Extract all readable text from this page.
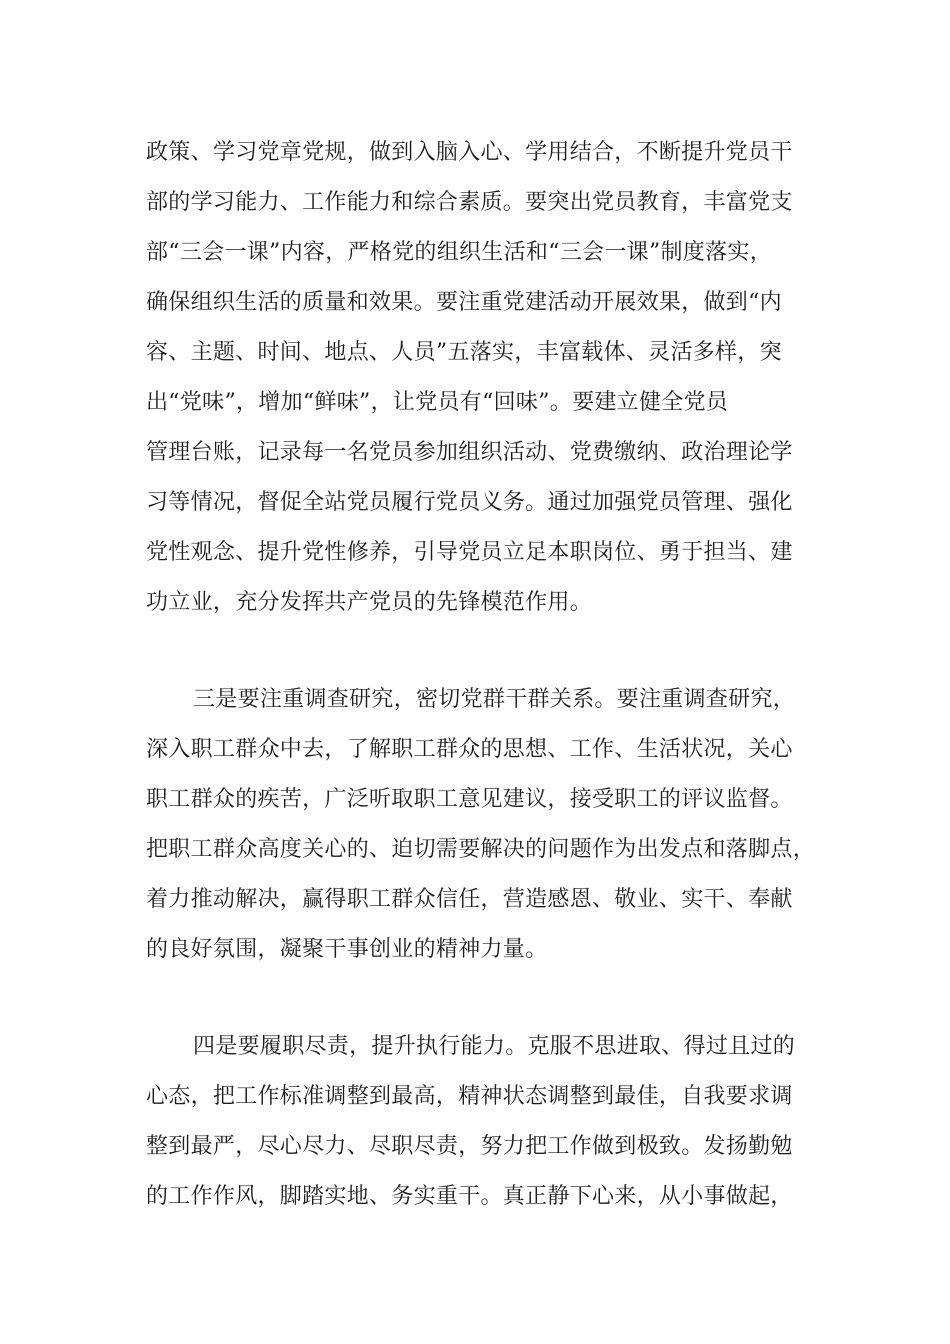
政策、学习党章党规，做到入脑入心、学用结合，不断提升党员干
部的学习能力、工作能力和综合素质。要突出党员教育，丰富党支
部“三会一课”内容，严格党的组织生活和“三会一课”制度落实，
确保组织生活的质量和效果。要注重党建活动开展效果，做到“内
容、主题、时间、地点、人员”五落实，丰富载体、灵活多样，突
出“党味”，增加“鲜味”，让党员有“回味”。要建立健全党员
管理台账，记录每一名党员参加组织活动、党费缴纳、政治理论学
习等情况，督促全站党员履行党员义务。通过加强党员管理、强化
党性观念、提升党性修养，引导党员立足本职岗位、勇于担当、建
功立业，充分发挥共产党员的先锋模范作用。
三是要注重调查研究，密切党群干群关系。要注重调查研究，
深入职工群众中去，了解职工群众的思想、工作、生活状况，关心
职工群众的疾苦，广泛听取职工意见建议，接受职工的评议监督。
把职工群众高度关心的、迫切需要解决的问题作为出发点和落脚点，
着力推动解决，赢得职工群众信任，营造感恩、敬业、实干、奉献
的良好氛围，凝聚干事创业的精神力量。
四是要履职尽责，提升执行能力。克服不思进取、得过且过的
心态，把工作标准调整到最高，精神状态调整到最佳，自我要求调
整到最严，尽心尽力、尽职尽责，努力把工作做到极致。发扬勤勉
的工作作风，脚踏实地、务实重干。真正静下心来，从小事做起，
